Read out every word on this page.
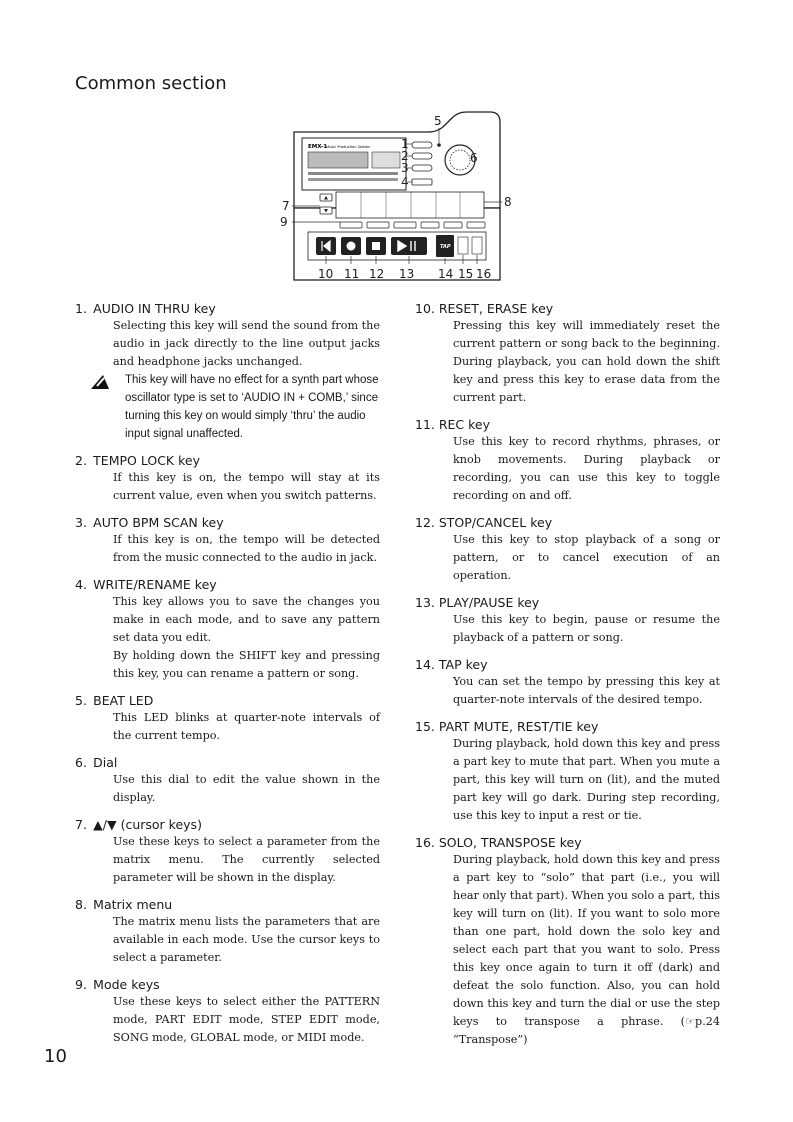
Common section
EMX-1
Music Production Station
TAP
1
2
3
4
5
6
7	8
9
10 11 12 13 14 15 16

1. AUDIO IN THRU key

Selecting this key will send the sound from the audio in jack directly to the line output jacks and headphone jacks unchanged.

This key will have no effect for a synth part whose oscillator type is set to ‘AUDIO IN + COMB,’ since turning this key on would simply ‘thru’ the audio input signal unaffected.

2. TEMPO LOCK key

If this key is on, the tempo will stay at its current value, even when you switch patterns.

3. AUTO BPM SCAN key

If this key is on, the tempo will be detected from the music connected to the audio in jack.

4. WRITE/RENAME key

This key allows you to save the changes you make in each mode, and to save any pattern set data you edit.

By holding down the SHIFT key and pressing this key, you can rename a pattern or song.

5. BEAT LED

This LED blinks at quarter-note intervals of the current tempo.

6. Dial

Use this dial to edit the value shown in the display.

7. ▲/▼ (cursor keys)

Use these keys to select a parameter from the matrix menu. The currently selected parameter will be shown in the display.

8. Matrix menu

The matrix menu lists the parameters that are available in each mode. Use the cursor keys to select a parameter.

9. Mode keys

Use these keys to select either the PATTERN mode, PART EDIT mode, STEP EDIT mode, SONG mode, GLOBAL mode, or MIDI mode.

10. RESET, ERASE key

Pressing this key will immediately reset the current pattern or song back to the beginning. During playback, you can hold down the shift key and press this key to erase data from the current part.

11. REC key

Use this key to record rhythms, phrases, or knob movements. During playback or recording, you can use this key to toggle recording on and off.

12. STOP/CANCEL key

Use this key to stop playback of a song or pattern, or to cancel execution of an operation.

13. PLAY/PAUSE key

Use this key to begin, pause or resume the playback of a pattern or song.

14. TAP key

You can set the tempo by pressing this key at quarter-note intervals of the desired tempo.

15. PART MUTE, REST/TIE key

During playback, hold down this key and press a part key to mute that part. When you mute a part, this key will turn on (lit), and the muted part key will go dark. During step recording, use this key to input a rest or tie.

16. SOLO, TRANSPOSE key

During playback, hold down this key and press a part key to “solo” that part (i.e., you will hear only that part). When you solo a part, this key will turn on (lit). If you want to solo more than one part, hold down the solo key and select each part that you want to solo. Press this key once again to turn it off (dark) and defeat the solo function. Also, you can hold down this key and turn the dial or use the step keys to transpose a phrase. (☞p.24 “Transpose”)

10
